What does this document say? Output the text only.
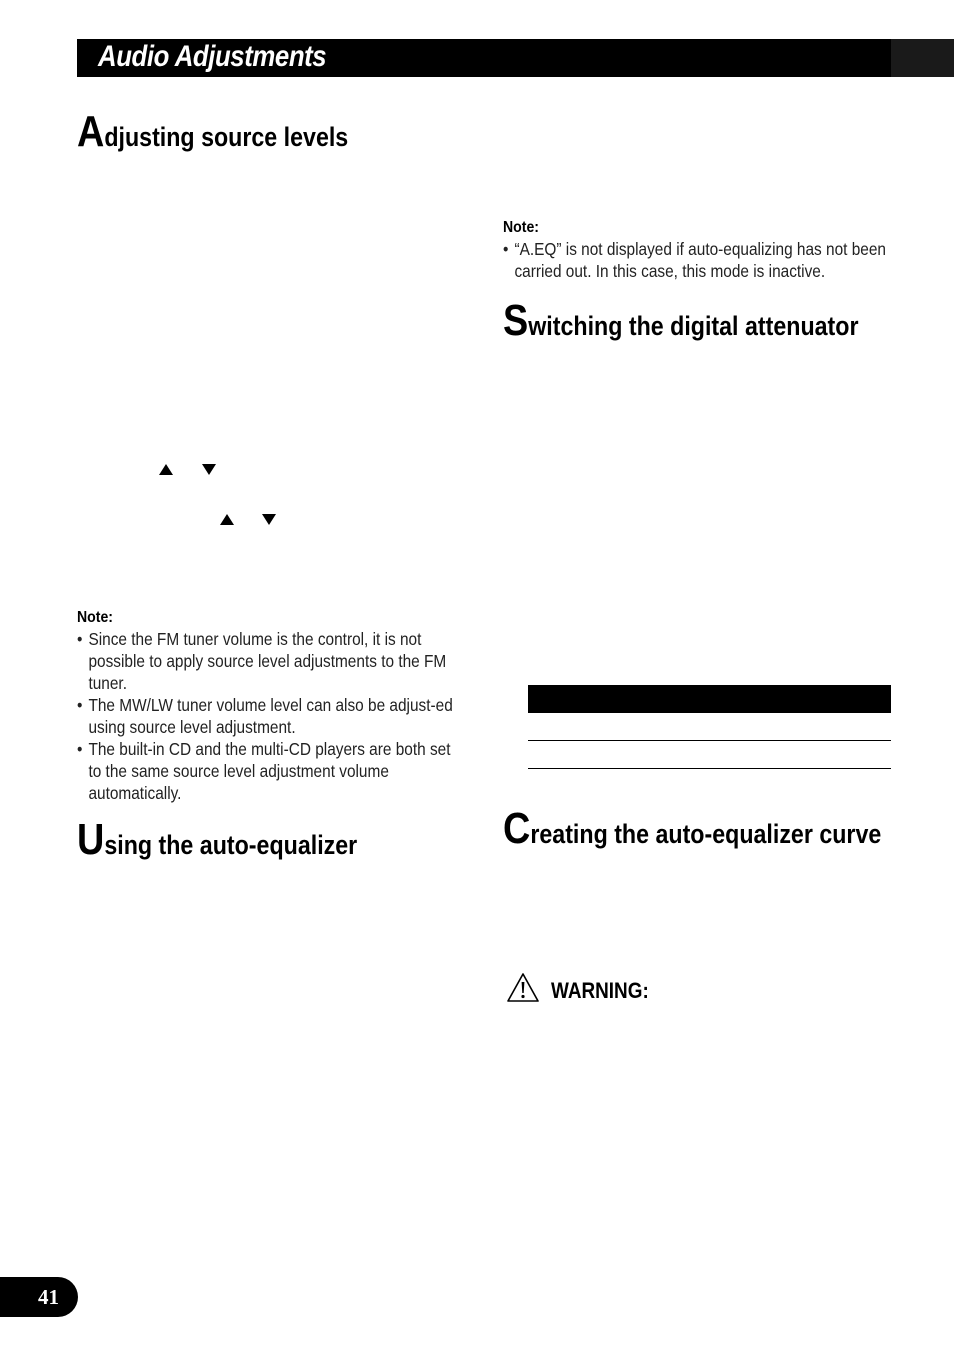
Audio Adjustments
Adjusting source levels
Note:
• Since the FM tuner volume is the control, it is not possible to apply source level adjustments to the FM tuner.
• The MW/LW tuner volume level can also be adjust-ed using source level adjustment.
• The built-in CD and the multi-CD players are both set to the same source level adjustment volume automatically.
Using the auto-equalizer
Note:
• “A.EQ” is not displayed if auto-equalizing has not been carried out. In this case, this mode is inactive.
Switching the digital attenuator
Creating the auto-equalizer curve
WARNING:
41
